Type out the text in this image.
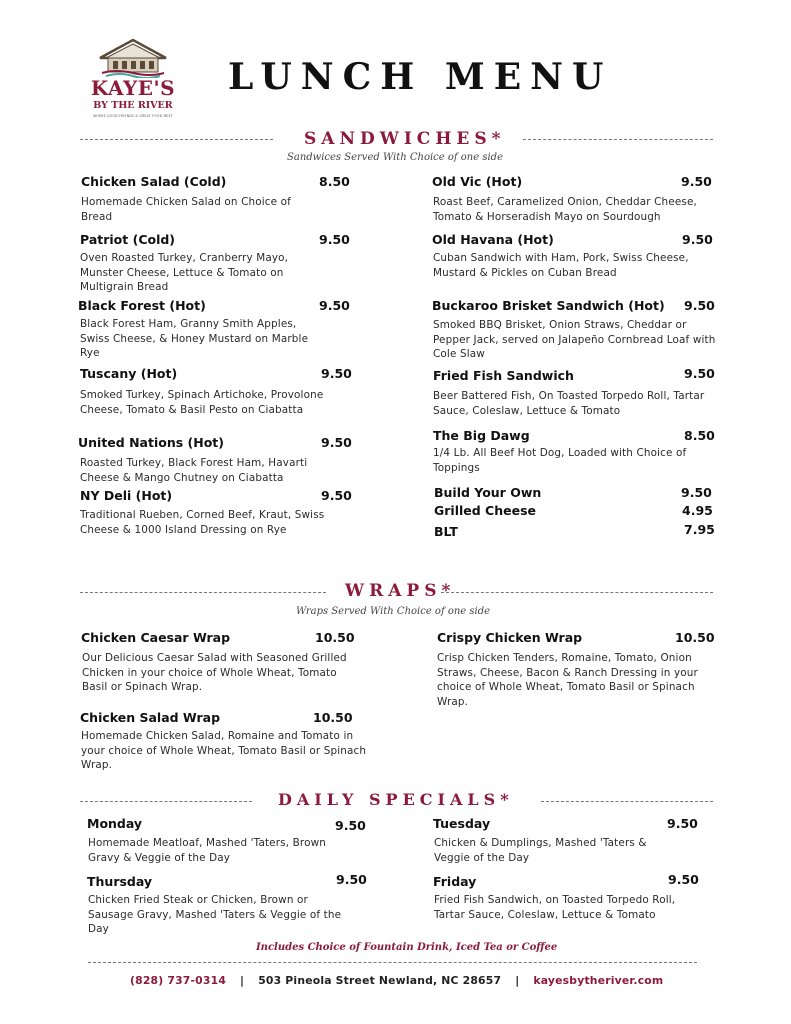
KAYE'S
BY THE RIVER
WHERE GOOD FRIENDS & GREAT FOOD MEET
LUNCH MENU
SANDWICHES*
Sandwices Served With Choice of one side
Chicken Salad (Cold)	8.50
Homemade Chicken Salad on Choice of Bread
Patriot (Cold)	9.50
Oven Roasted Turkey, Cranberry Mayo, Munster Cheese, Lettuce & Tomato on Multigrain Bread
Black Forest (Hot)	9.50
Black Forest Ham, Granny Smith Apples, Swiss Cheese, & Honey Mustard on Marble Rye
Tuscany (Hot)	9.50
Smoked Turkey, Spinach Artichoke, Provolone Cheese, Tomato & Basil Pesto on Ciabatta
United Nations (Hot)	9.50
Roasted Turkey, Black Forest Ham, Havarti Cheese & Mango Chutney on Ciabatta
NY Deli (Hot)	9.50
Traditional Rueben, Corned Beef, Kraut, Swiss Cheese & 1000 Island Dressing on Rye
Old Vic (Hot)	9.50
Roast Beef, Caramelized Onion, Cheddar Cheese, Tomato & Horseradish Mayo on Sourdough
Old Havana (Hot)	9.50
Cuban Sandwich with Ham, Pork, Swiss Cheese, Mustard & Pickles on Cuban Bread
Buckaroo Brisket Sandwich (Hot) 9.50
Smoked BBQ Brisket, Onion Straws, Cheddar or Pepper Jack, served on Jalapeño Cornbread Loaf with Cole Slaw
Fried Fish Sandwich	9.50
Beer Battered Fish, On Toasted Torpedo Roll, Tartar Sauce, Coleslaw, Lettuce & Tomato
The Big Dawg	8.50
1/4 Lb. All Beef Hot Dog, Loaded with Choice of Toppings
Build Your Own	9.50
Grilled Cheese	4.95
BLT	7.95
WRAPS*
Wraps Served With Choice of one side
Chicken Caesar Wrap	10.50
Our Delicious Caesar Salad with Seasoned Grilled Chicken in your choice of Whole Wheat, Tomato Basil or Spinach Wrap.
Crispy Chicken Wrap	10.50
Crisp Chicken Tenders, Romaine, Tomato, Onion Straws, Cheese, Bacon & Ranch Dressing in your choice of Whole Wheat, Tomato Basil or Spinach Wrap.
Chicken Salad Wrap	10.50
Homemade Chicken Salad, Romaine and Tomato in your choice of Whole Wheat, Tomato Basil or Spinach Wrap.
DAILY SPECIALS*
Monday	9.50
Homemade Meatloaf, Mashed 'Taters, Brown Gravy & Veggie of the Day
Tuesday	9.50
Chicken & Dumplings, Mashed 'Taters & Veggie of the Day
Thursday	9.50
Chicken Fried Steak or Chicken, Brown or Sausage Gravy, Mashed 'Taters & Veggie of the Day
Friday	9.50
Fried Fish Sandwich, on Toasted Torpedo Roll, Tartar Sauce, Coleslaw, Lettuce & Tomato
Includes Choice of Fountain Drink, Iced Tea or Coffee
(828) 737-0314 | 503 Pineola Street Newland, NC 28657 | kayesbytheriver.com
